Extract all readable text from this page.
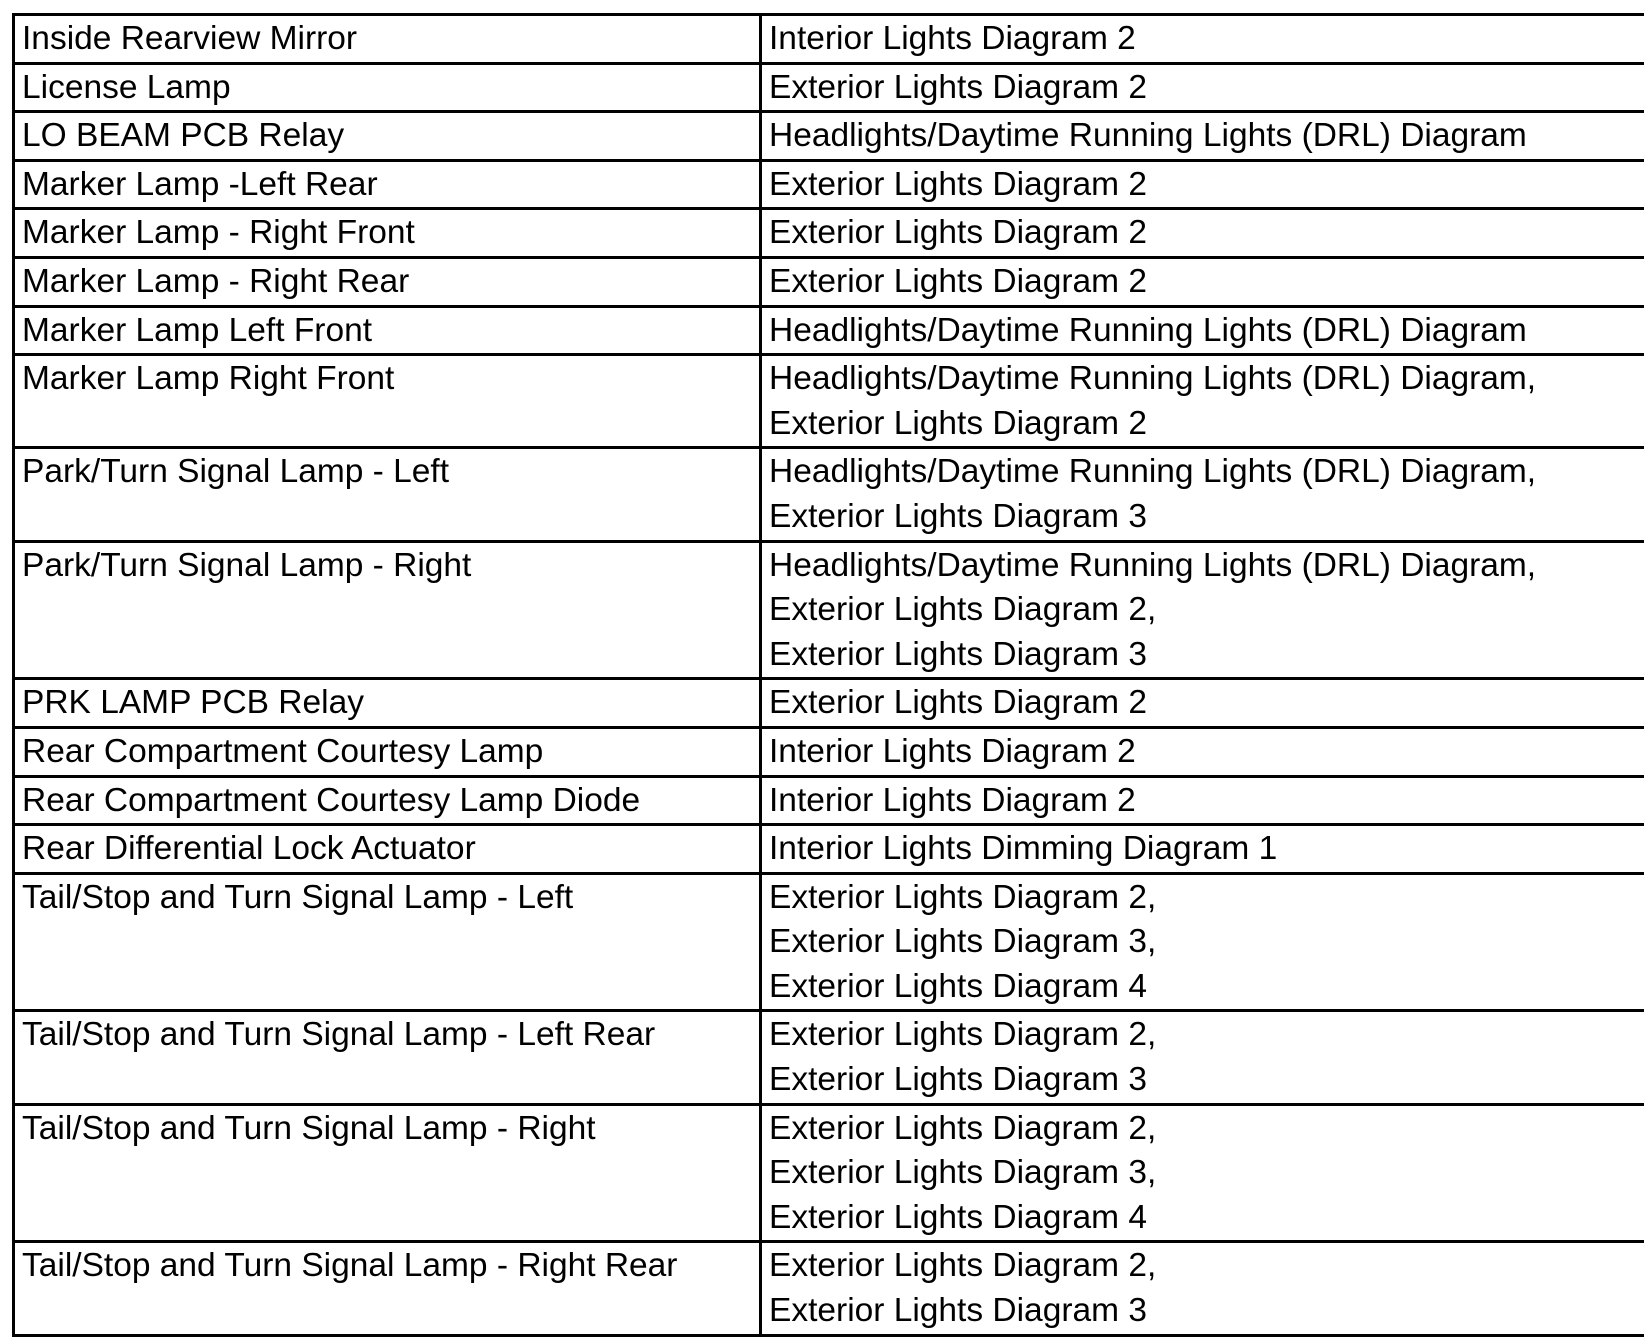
Inside Rearview Mirror	Interior Lights Diagram 2

License Lamp	Exterior Lights Diagram 2

LO BEAM PCB Relay	Headlights/Daytime Running Lights (DRL) Diagram

Marker Lamp -Left Rear	Exterior Lights Diagram 2

Marker Lamp - Right Front	Exterior Lights Diagram 2

Marker Lamp - Right Rear	Exterior Lights Diagram 2

Marker Lamp Left Front	Headlights/Daytime Running Lights (DRL) Diagram

Marker Lamp Right Front	Headlights/Daytime Running Lights (DRL) Diagram,
Exterior Lights Diagram 2

Park/Turn Signal Lamp - Left	Headlights/Daytime Running Lights (DRL) Diagram,
Exterior Lights Diagram 3

Park/Turn Signal Lamp - Right	Headlights/Daytime Running Lights (DRL) Diagram,
Exterior Lights Diagram 2,
Exterior Lights Diagram 3

PRK LAMP PCB Relay	Exterior Lights Diagram 2

Rear Compartment Courtesy Lamp	Interior Lights Diagram 2

Rear Compartment Courtesy Lamp Diode	Interior Lights Diagram 2

Rear Differential Lock Actuator	Interior Lights Dimming Diagram 1

Tail/Stop and Turn Signal Lamp - Left	Exterior Lights Diagram 2,
Exterior Lights Diagram 3,
Exterior Lights Diagram 4

Tail/Stop and Turn Signal Lamp - Left Rear	Exterior Lights Diagram 2,
Exterior Lights Diagram 3

Tail/Stop and Turn Signal Lamp - Right	Exterior Lights Diagram 2,
Exterior Lights Diagram 3,
Exterior Lights Diagram 4

Tail/Stop and Turn Signal Lamp - Right Rear	Exterior Lights Diagram 2,
Exterior Lights Diagram 3
